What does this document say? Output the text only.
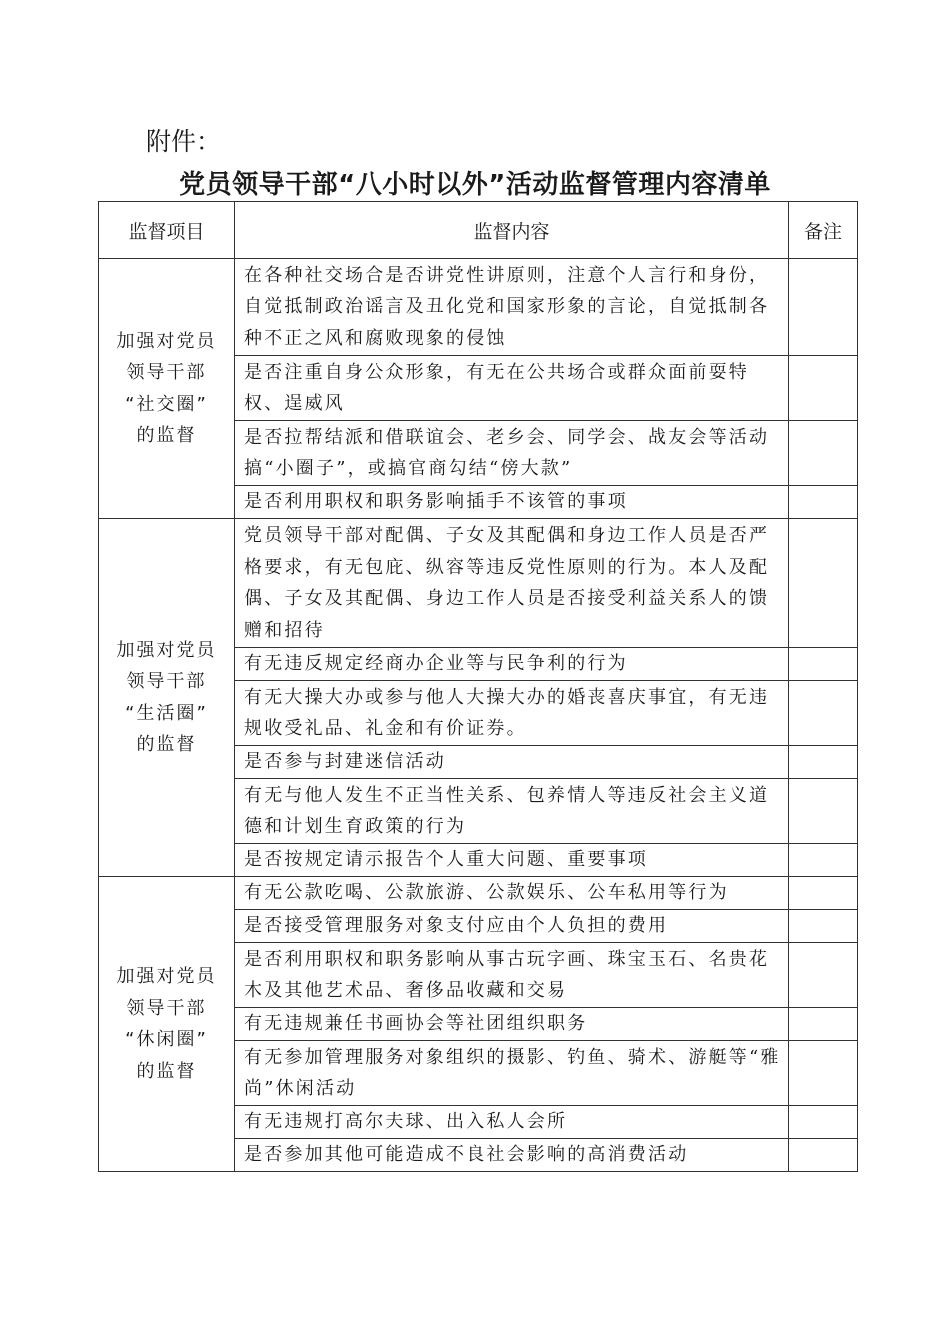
附件：
党员领导干部“八小时以外”活动监督管理内容清单
监督项目	监督内容	备注

加强对党员
领导干部
“社交圈”
的监督	在各种社交场合是否讲党性讲原则，注意个人言行和身份，自觉抵制政治谣言及丑化党和国家形象的言论，自觉抵制各种不正之风和腐败现象的侵蚀	
	是否注重自身公众形象，有无在公共场合或群众面前耍特权、逞威风	
	是否拉帮结派和借联谊会、老乡会、同学会、战友会等活动搞“小圈子”，或搞官商勾结“傍大款”	
	是否利用职权和职务影响插手不该管的事项	

加强对党员
领导干部
“生活圈”
的监督	党员领导干部对配偶、子女及其配偶和身边工作人员是否严格要求，有无包庇、纵容等违反党性原则的行为。本人及配偶、子女及其配偶、身边工作人员是否接受利益关系人的馈赠和招待	
	有无违反规定经商办企业等与民争利的行为	
	有无大操大办或参与他人大操大办的婚丧喜庆事宜，有无违规收受礼品、礼金和有价证券。	
	是否参与封建迷信活动	
	有无与他人发生不正当性关系、包养情人等违反社会主义道德和计划生育政策的行为	
	是否按规定请示报告个人重大问题、重要事项	

加强对党员
领导干部
“休闲圈”
的监督	有无公款吃喝、公款旅游、公款娱乐、公车私用等行为	
	是否接受管理服务对象支付应由个人负担的费用	
	是否利用职权和职务影响从事古玩字画、珠宝玉石、名贵花木及其他艺术品、奢侈品收藏和交易	
	有无违规兼任书画协会等社团组织职务	
	有无参加管理服务对象组织的摄影、钓鱼、骑术、游艇等“雅尚”休闲活动	
	有无违规打高尔夫球、出入私人会所	
	是否参加其他可能造成不良社会影响的高消费活动	
